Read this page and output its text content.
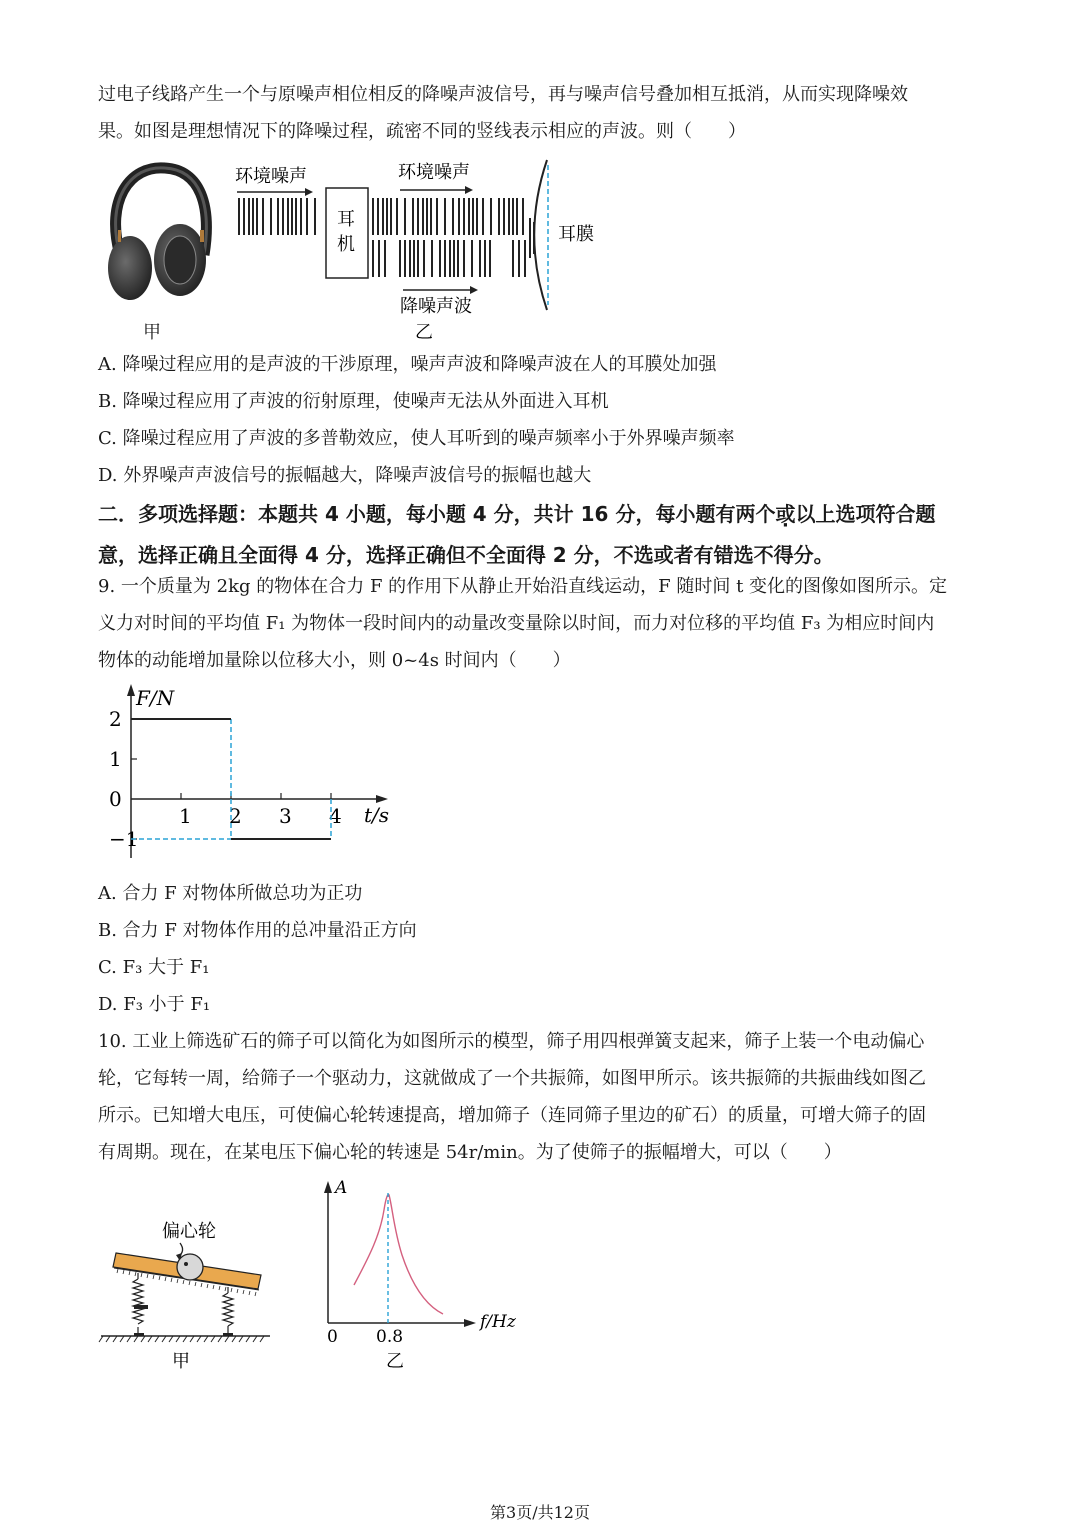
过电子线路产生一个与原噪声相位相反的降噪声波信号，再与噪声信号叠加相互抵消，从而实现降噪效
果。如图是理想情况下的降噪过程，疏密不同的竖线表示相应的声波。则（　　）
甲
环境噪声
耳
机
环境噪声
耳膜
降噪声波
乙
A. 降噪过程应用的是声波的干涉原理，噪声声波和降噪声波在人的耳膜处加强
B. 降噪过程应用了声波的衍射原理，使噪声无法从外面进入耳机
C. 降噪过程应用了声波的多普勒效应，使人耳听到的噪声频率小于外界噪声频率
D. 外界噪声声波信号的振幅越大，降噪声波信号的振幅也越大
二．多项选择题：本题共 4 小题，每小题 4 分，共计 16 分，每小题有两个或以上 ·选项符合题
意，选择正确且全面得 4 分，选择正确但不全面得 2 分，不选或者有错选不得分。
9. 一个质量为 2kg 的物体在合力 F 的作用下从静止开始沿直线运动，F 随时间 t 变化的图像如图所示。定
义力对时间的平均值 F₁ 为物体一段时间内的动量改变量除以时间，而力对位移的平均值 F₃ 为相应时间内
物体的动能增加量除以位移大小，则 0~4s 时间内（　　）
F/N
t/s
2
1
0
−1
1 2 3 4
A. 合力 F 对物体所做总功为正功
B. 合力 F 对物体作用的总冲量沿正方向
C. F₃ 大于 F₁
D. F₃ 小于 F₁
10. 工业上筛选矿石的筛子可以简化为如图所示的模型，筛子用四根弹簧支起来，筛子上装一个电动偏心
轮，它每转一周，给筛子一个驱动力，这就做成了一个共振筛，如图甲所示。该共振筛的共振曲线如图乙
所示。已知增大电压，可使偏心轮转速提高，增加筛子（连同筛子里边的矿石）的质量，可增大筛子的固
有周期。现在，在某电压下偏心轮的转速是 54r/min。为了使筛子的振幅增大，可以（　　）
偏心轮
甲
A
f/Hz
0 0.8
乙
第3页/共12页
